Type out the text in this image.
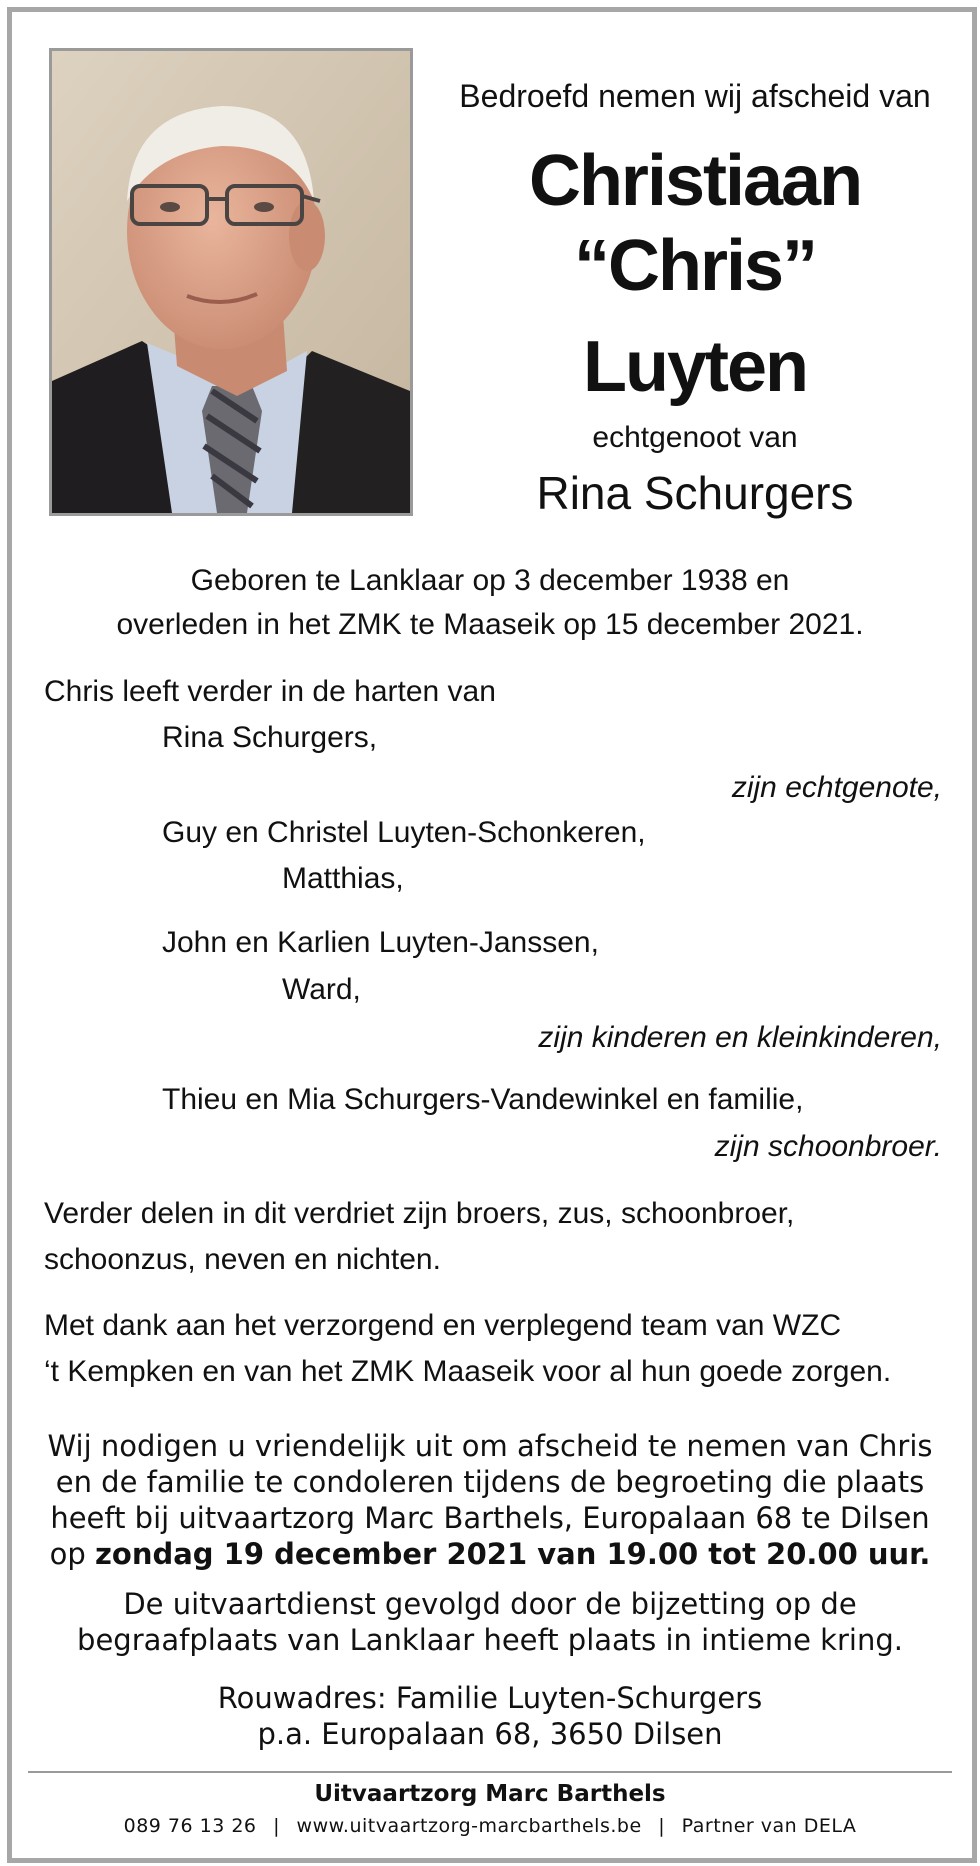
Bedroefd nemen wij afscheid van
Christiaan
“Chris”
Luyten
echtgenoot van
Rina Schurgers
Geboren te Lanklaar op 3 december 1938 en
overleden in het ZMK te Maaseik op 15 december 2021.
Chris leeft verder in de harten van
Rina Schurgers,
zijn echtgenote,
Guy en Christel Luyten-Schonkeren,
Matthias,
John en Karlien Luyten-Janssen,
Ward,
zijn kinderen en kleinkinderen,
Thieu en Mia Schurgers-Vandewinkel en familie,
zijn schoonbroer.
Verder delen in dit verdriet zijn broers, zus, schoonbroer,
schoonzus, neven en nichten.
Met dank aan het verzorgend en verplegend team van WZC
‘t Kempken en van het ZMK Maaseik voor al hun goede zorgen.
Wij nodigen u vriendelijk uit om afscheid te nemen van Chris
en de familie te condoleren tijdens de begroeting die plaats
heeft bij uitvaartzorg Marc Barthels, Europalaan 68 te Dilsen
op zondag 19 december 2021 van 19.00 tot 20.00 uur.
De uitvaartdienst gevolgd door de bijzetting op de
begraafplaats van Lanklaar heeft plaats in intieme kring.
Rouwadres: Familie Luyten-Schurgers
p.a. Europalaan 68, 3650 Dilsen
Uitvaartzorg Marc Barthels
089 76 13 26 | www.uitvaartzorg-marcbarthels.be | Partner van DELA
